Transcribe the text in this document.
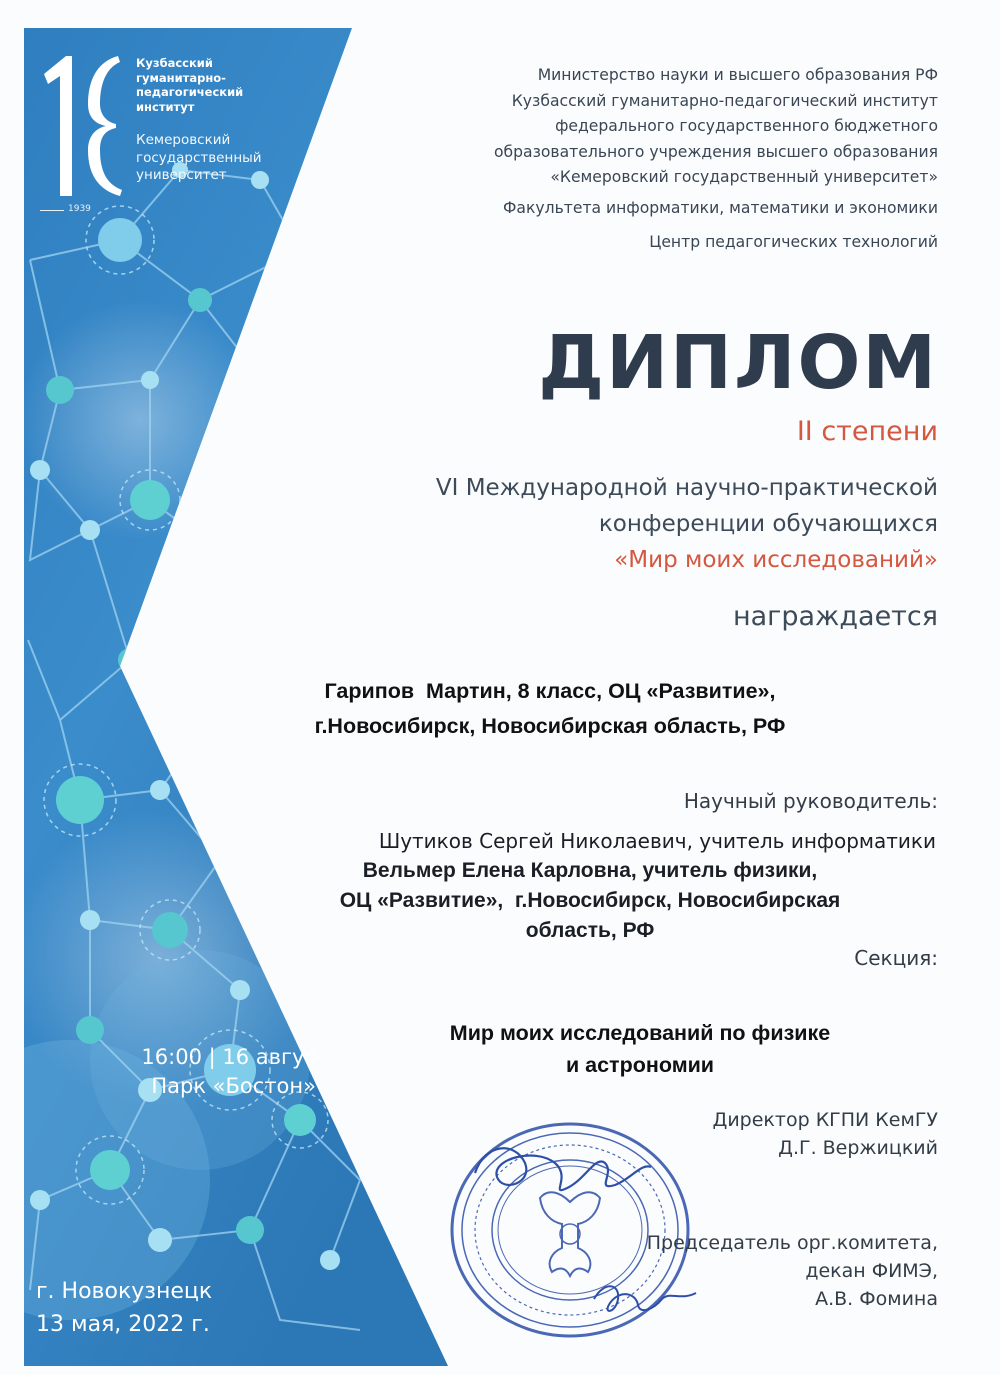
1939
Кузбасский
гуманитарно-
педагогический
институт
Кемеровский
государственный
университет
16:00 | 16 авгус
Парк «Бостон»
г. Новокузнецк
13 мая, 2022 г.
Министерство науки и высшего образования РФ
Кузбасский гуманитарно-педагогический институт
федерального государственного бюджетного
образовательного учреждения высшего образования
«Кемеровский государственный университет»
Факультета информатики, математики и экономики
Центр педагогических технологий
ДИПЛОМ
II степени
VI Международной научно-практической
конференции обучающихся
«Мир моих исследований»
награждается
Гарипов  Мартин, 8 класс, ОЦ «Развитие»,
г.Новосибирск, Новосибирская область, РФ
Научный руководитель:
Шутиков Сергей Николаевич, учитель информатики
Вельмер Елена Карловна, учитель физики,
ОЦ «Развитие»,  г.Новосибирск, Новосибирская
область, РФ
Секция:
Мир моих исследований по физике
и астрономии
Директор КГПИ КемГУ
Д.Г. Вержицкий
Председатель орг.комитета,
декан ФИМЭ,
А.В. Фомина
